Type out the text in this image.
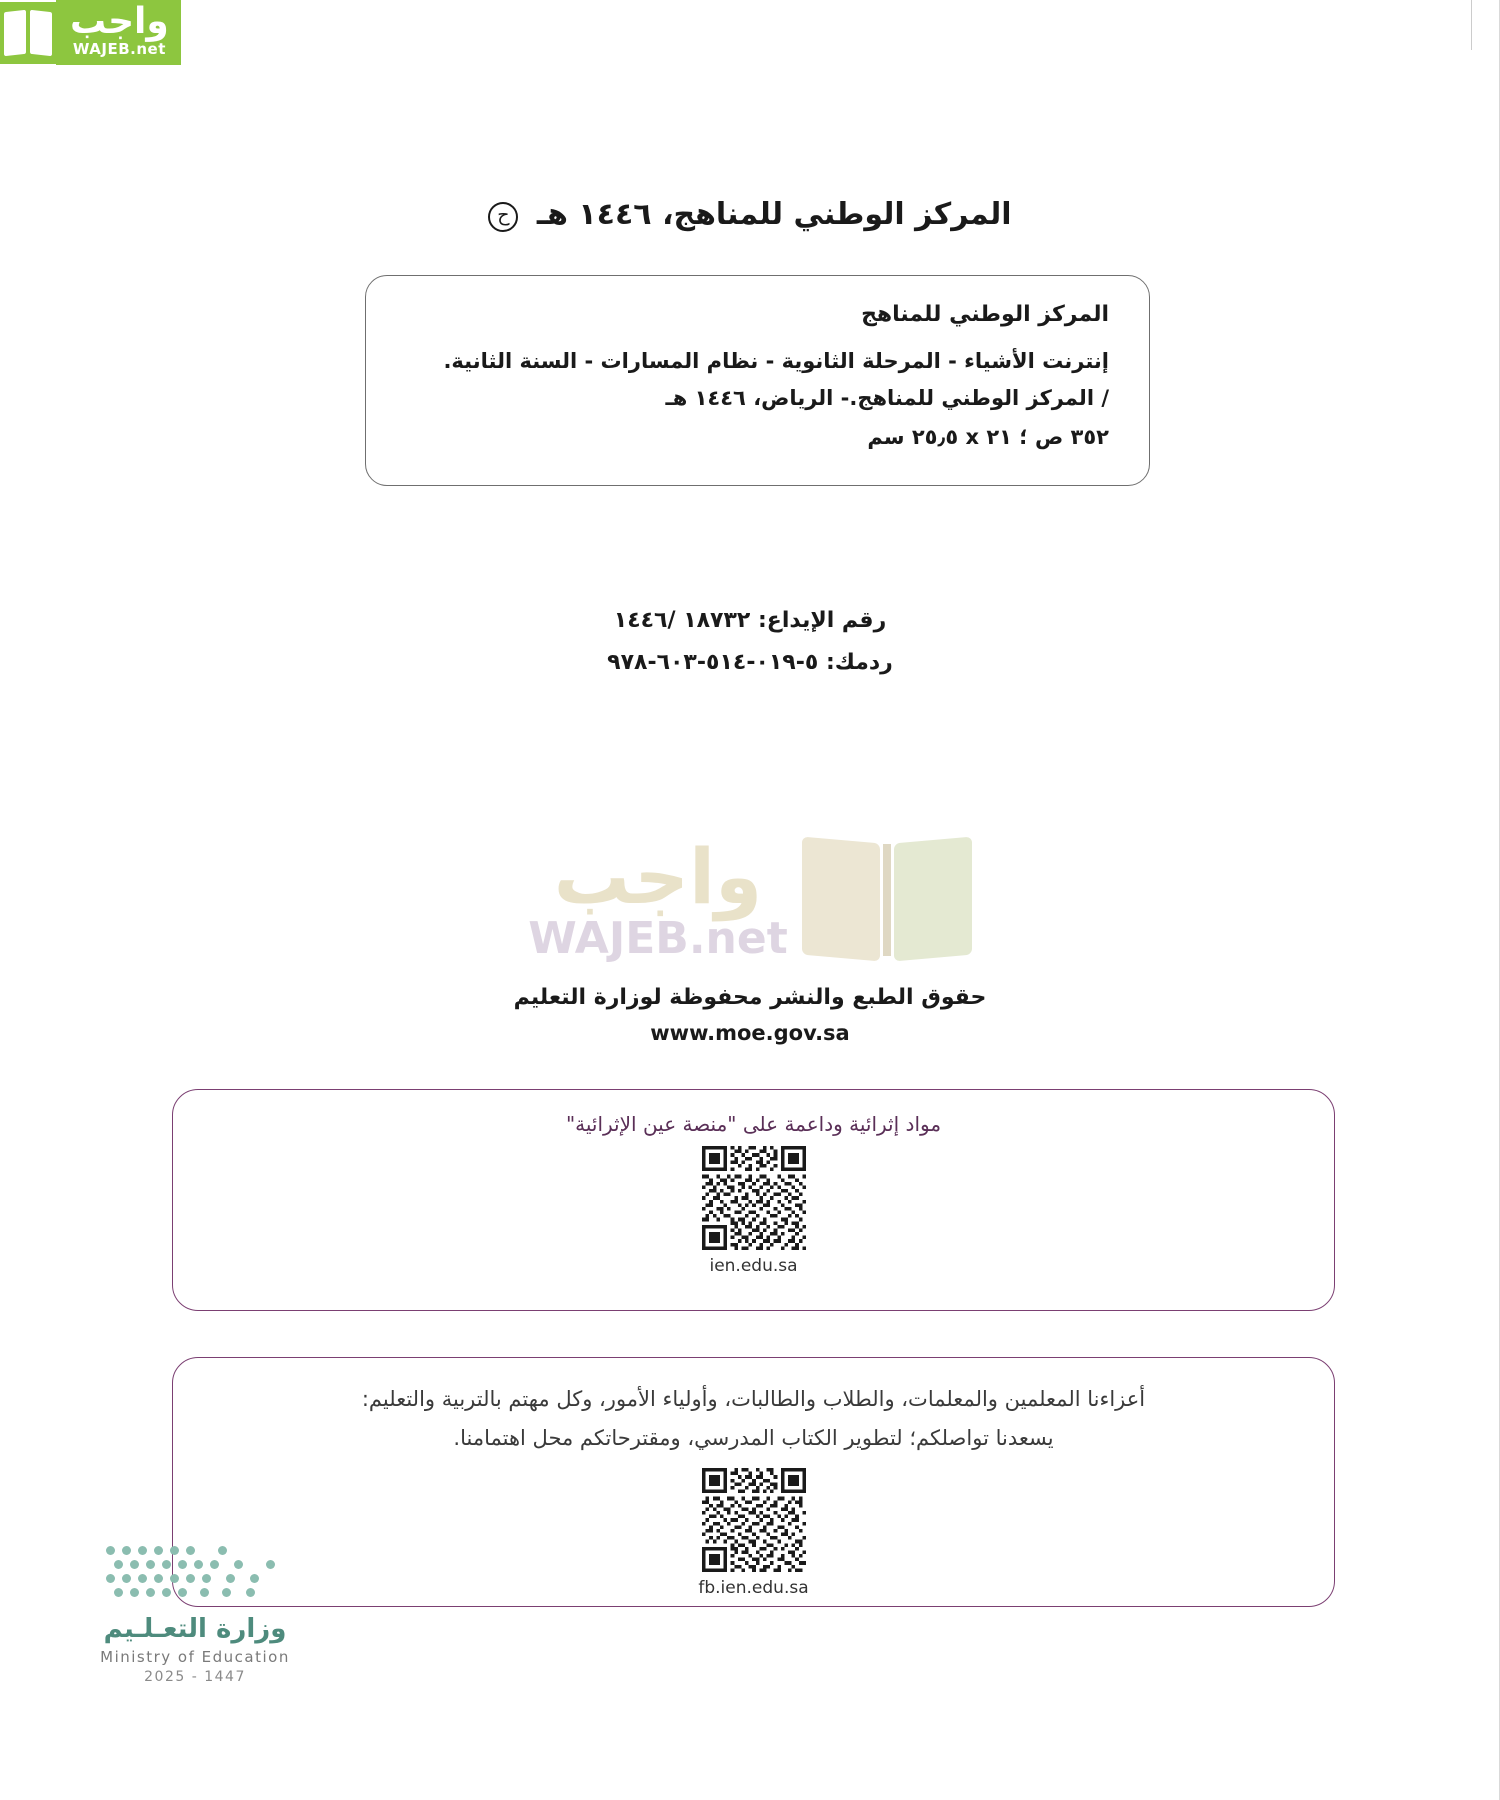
واجب
WAJEB.net
المركز الوطني للمناهج، ١٤٤٦ هـ ح
المركز الوطني للمناهج
إنترنت الأشياء - المرحلة الثانوية - نظام المسارات - السنة الثانية.
/ المركز الوطني للمناهج.- الرياض، ١٤٤٦ هـ
٣٥٢ ص ؛ ٢١ x ٢٥٫٥ سم
رقم الإيداع: ١٨٧٣٢ /١٤٤٦
ردمك: ٥-٠١٩-٥١٤-٦٠٣-٩٧٨
واجب
WAJEB.net
حقوق الطبع والنشر محفوظة لوزارة التعليم
www.moe.gov.sa
مواد إثرائية وداعمة على "منصة عين الإثرائية"
ien.edu.sa
أعزاءنا المعلمين والمعلمات، والطلاب والطالبات، وأولياء الأمور، وكل مهتم بالتربية والتعليم:
يسعدنا تواصلكم؛ لتطوير الكتاب المدرسي، ومقترحاتكم محل اهتمامنا.
fb.ien.edu.sa
وزارة التعـلـيم
Ministry of Education
2025 - 1447
